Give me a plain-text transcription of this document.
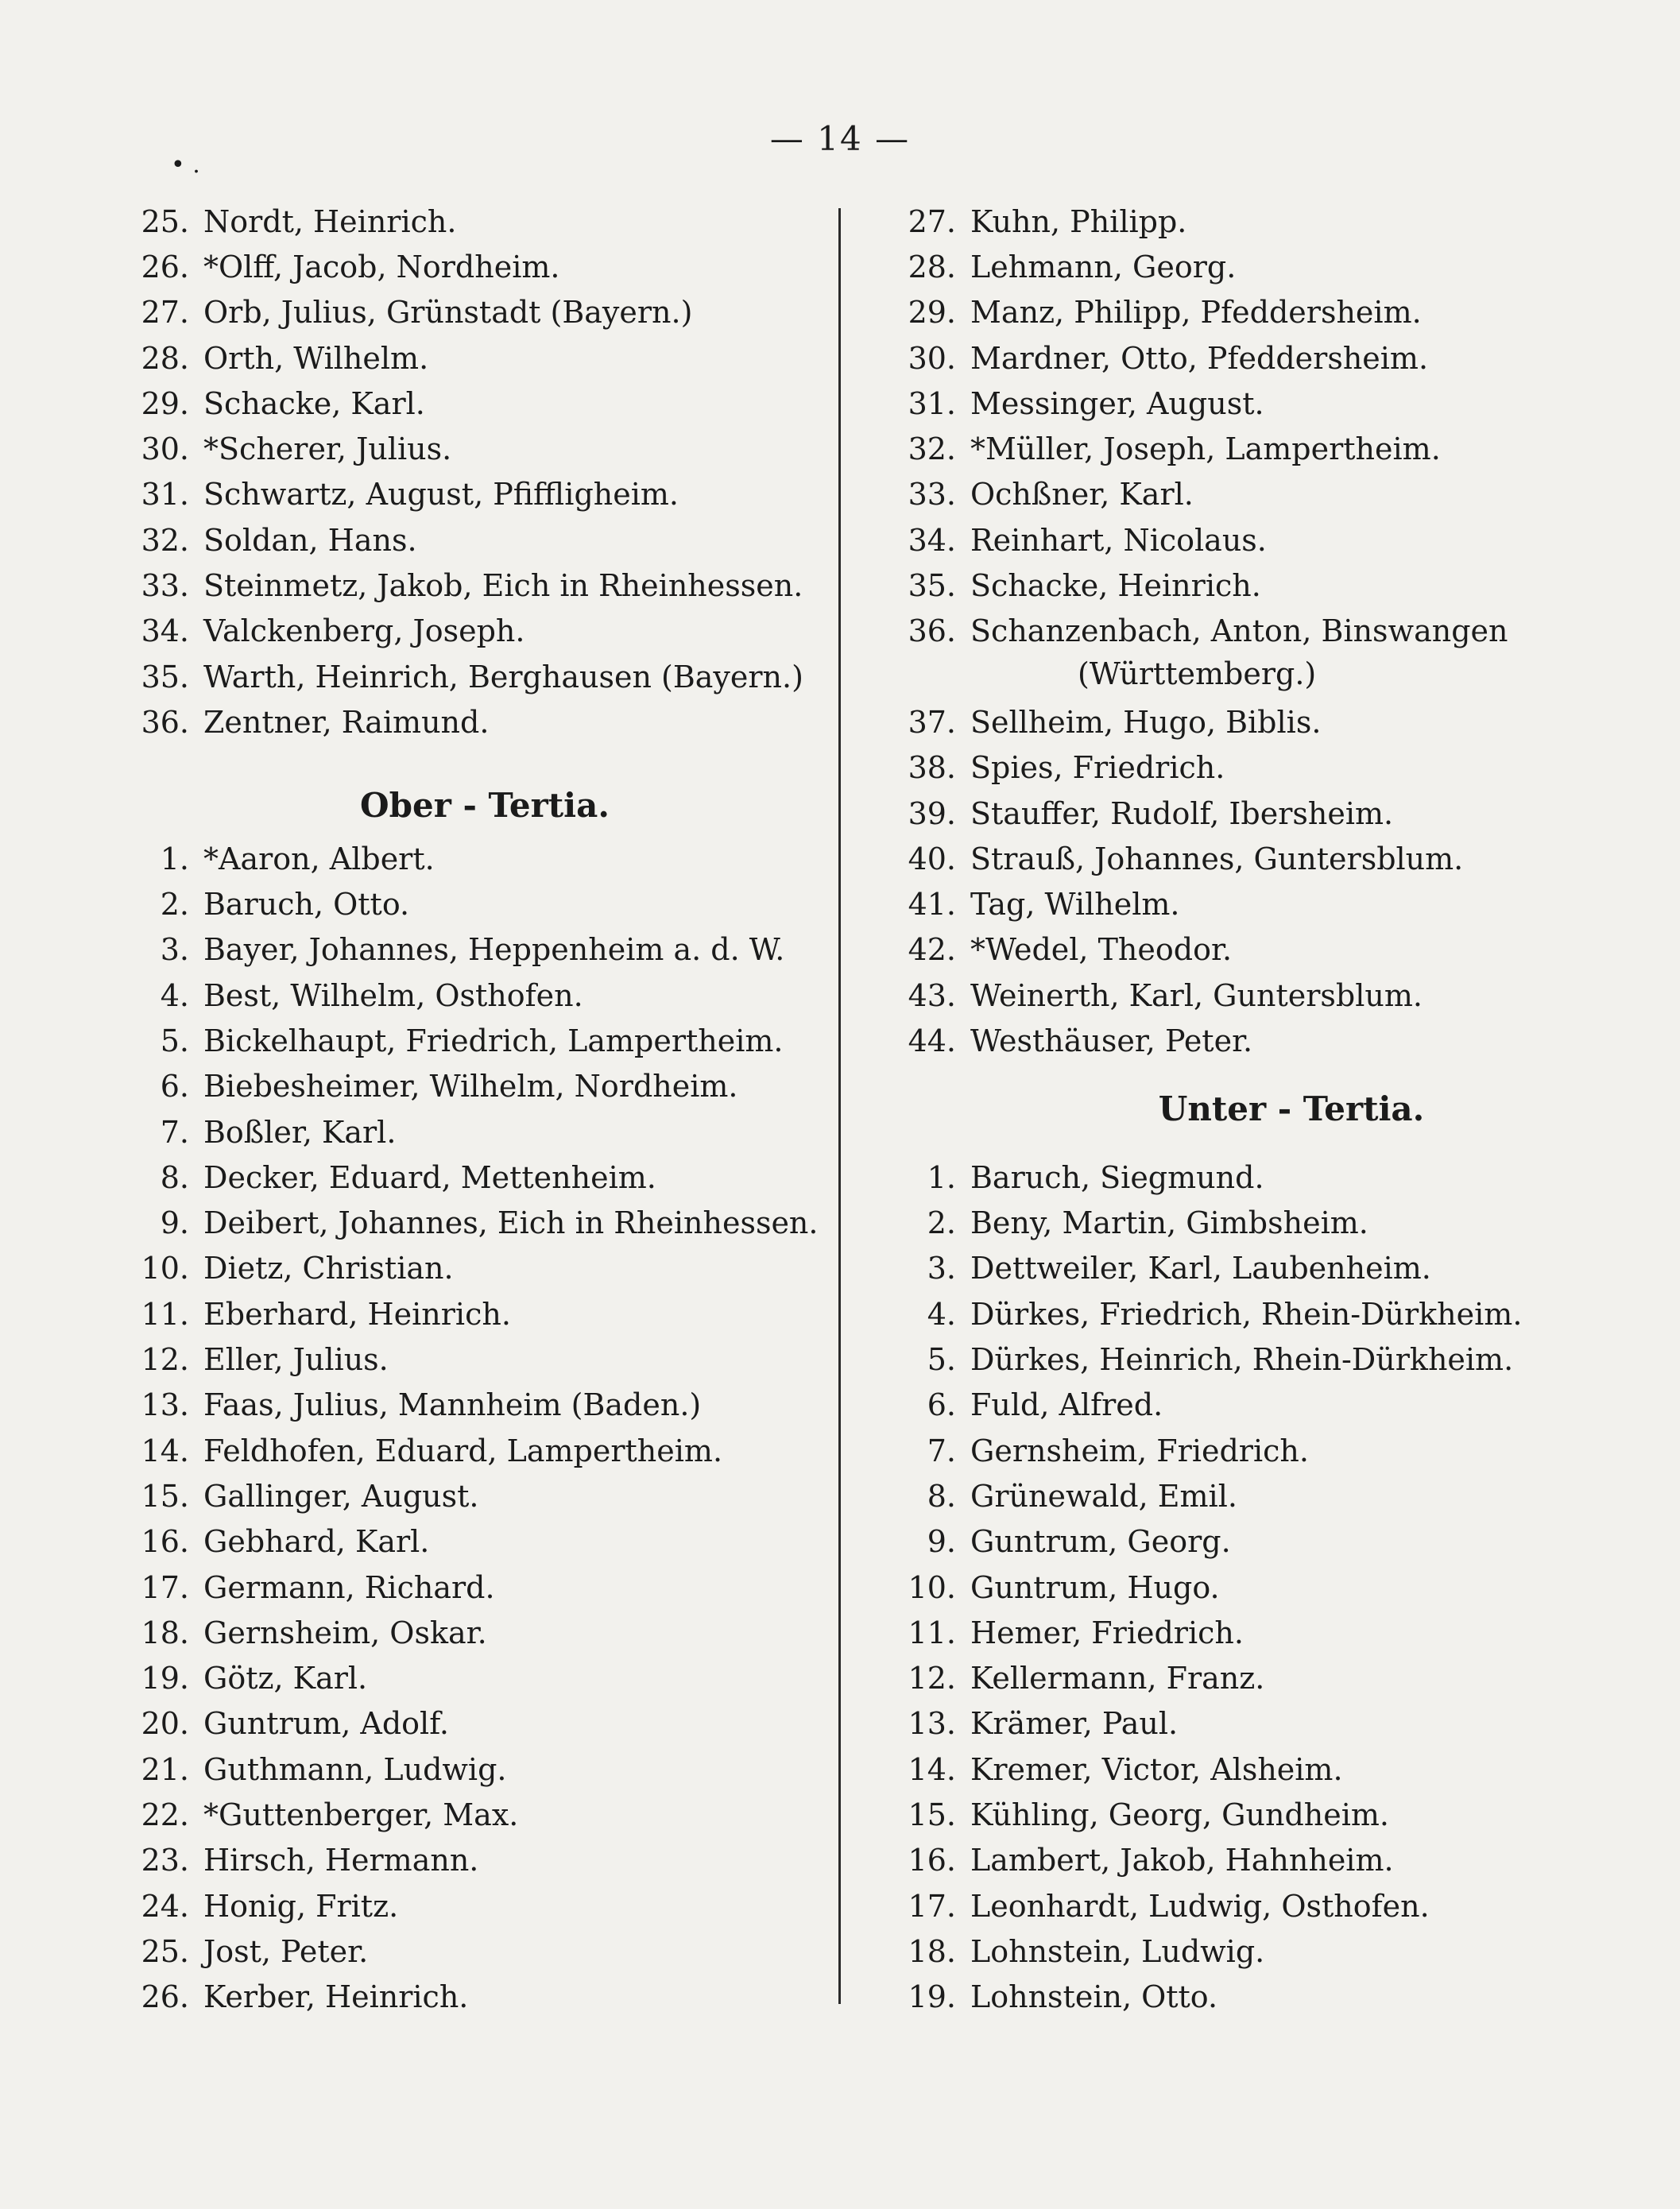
— 14 —
• .
25. Nordt, Heinrich.
26. *Olff, Jacob, Nordheim.
27. Orb, Julius, Grünstadt (Bayern.)
28. Orth, Wilhelm.
29. Schacke, Karl.
30. *Scherer, Julius.
31. Schwartz, August, Pfiffligheim.
32. Soldan, Hans.
33. Steinmetz, Jakob, Eich in Rheinhessen.
34. Valckenberg, Joseph.
35. Warth, Heinrich, Berghausen (Bayern.)
36. Zentner, Raimund.
Ober - Tertia.
1. *Aaron, Albert.
2. Baruch, Otto.
3. Bayer, Johannes, Heppenheim a. d. W.
4. Best, Wilhelm, Osthofen.
5. Bickelhaupt, Friedrich, Lampertheim.
6. Biebesheimer, Wilhelm, Nordheim.
7. Boßler, Karl.
8. Decker, Eduard, Mettenheim.
9. Deibert, Johannes, Eich in Rheinhessen.
10. Dietz, Christian.
11. Eberhard, Heinrich.
12. Eller, Julius.
13. Faas, Julius, Mannheim (Baden.)
14. Feldhofen, Eduard, Lampertheim.
15. Gallinger, August.
16. Gebhard, Karl.
17. Germann, Richard.
18. Gernsheim, Oskar.
19. Götz, Karl.
20. Guntrum, Adolf.
21. Guthmann, Ludwig.
22. *Guttenberger, Max.
23. Hirsch, Hermann.
24. Honig, Fritz.
25. Jost, Peter.
26. Kerber, Heinrich.
27. Kuhn, Philipp.
28. Lehmann, Georg.
29. Manz, Philipp, Pfeddersheim.
30. Mardner, Otto, Pfeddersheim.
31. Messinger, August.
32. *Müller, Joseph, Lampertheim.
33. Ochßner, Karl.
34. Reinhart, Nicolaus.
35. Schacke, Heinrich.
36. Schanzenbach, Anton, Binswangen
(Württemberg.)
37. Sellheim, Hugo, Biblis.
38. Spies, Friedrich.
39. Stauffer, Rudolf, Ibersheim.
40. Strauß, Johannes, Guntersblum.
41. Tag, Wilhelm.
42. *Wedel, Theodor.
43. Weinerth, Karl, Guntersblum.
44. Westhäuser, Peter.
Unter - Tertia.
1. Baruch, Siegmund.
2. Beny, Martin, Gimbsheim.
3. Dettweiler, Karl, Laubenheim.
4. Dürkes, Friedrich, Rhein-Dürkheim.
5. Dürkes, Heinrich, Rhein-Dürkheim.
6. Fuld, Alfred.
7. Gernsheim, Friedrich.
8. Grünewald, Emil.
9. Guntrum, Georg.
10. Guntrum, Hugo.
11. Hemer, Friedrich.
12. Kellermann, Franz.
13. Krämer, Paul.
14. Kremer, Victor, Alsheim.
15. Kühling, Georg, Gundheim.
16. Lambert, Jakob, Hahnheim.
17. Leonhardt, Ludwig, Osthofen.
18. Lohnstein, Ludwig.
19. Lohnstein, Otto.
